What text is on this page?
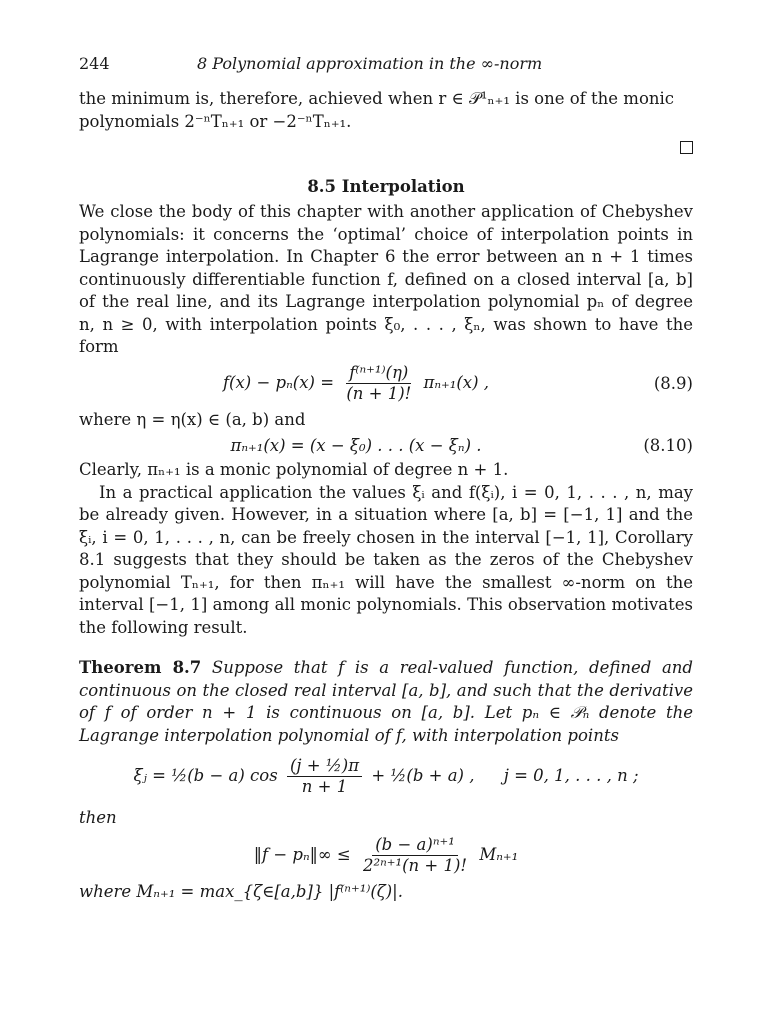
244	8 Polynomial approximation in the ∞-norm

the minimum is, therefore, achieved when r ∈ 𝒫¹ₙ₊₁ is one of the monic

polynomials 2⁻ⁿTₙ₊₁ or −2⁻ⁿTₙ₊₁.

8.5 Interpolation

We close the body of this chapter with another application of Chebyshev polynomials: it concerns the ‘optimal’ choice of interpolation points in Lagrange interpolation. In Chapter 6 the error between an n + 1 times continuously differentiable function f, defined on a closed interval [a, b] of the real line, and its Lagrange interpolation polynomial pₙ of degree n, n ≥ 0, with interpolation points ξ₀, . . . , ξₙ, was shown to have the form

$f(x) - p_n(x) = \frac{\text{f⁽ⁿ⁺¹⁾(η)}}{(n + 1)!} \pi_{n+1}(x)$ ,	(8.9)

where η = η(x) ∈ (a, b) and

πₙ₊₁(x) = (x − ξ₀) . . . (x − ξₙ) .	(8.10)

Clearly, πₙ₊₁ is a monic polynomial of degree n + 1.

In a practical application the values ξᵢ and f(ξᵢ), i = 0, 1, . . . , n, may be already given. However, in a situation where [a, b] = [−1, 1] and the ξᵢ, i = 0, 1, . . . , n, can be freely chosen in the interval [−1, 1], Corollary 8.1 suggests that they should be taken as the zeros of the Chebyshev polynomial Tₙ₊₁, for then πₙ₊₁ will have the smallest ∞-norm on the interval [−1, 1] among all monic polynomials. This observation motivates the following result.

Theorem 8.7 Suppose that f is a real-valued function, defined and continuous on the closed real interval [a, b], and such that the derivative of f of order n + 1 is continuous on [a, b]. Let pₙ ∈ 𝒫ₙ denote the Lagrange interpolation polynomial of f, with interpolation points

ξⱼ = ½(b − a) $\cos \frac{\text{(j + ½)π}}{n + 1}$ + ½(b + a) , j = 0, 1, . . . , n ;
then
‖f − pₙ‖∞ ≤ $\frac{\text{(b − a)ⁿ⁺¹}}{\text{2²ⁿ⁺¹(n + 1)!}} M_{n+1}$
where Mₙ₊₁ = max_{ζ∈[a,b]} |f⁽ⁿ⁺¹⁾(ζ)|.
